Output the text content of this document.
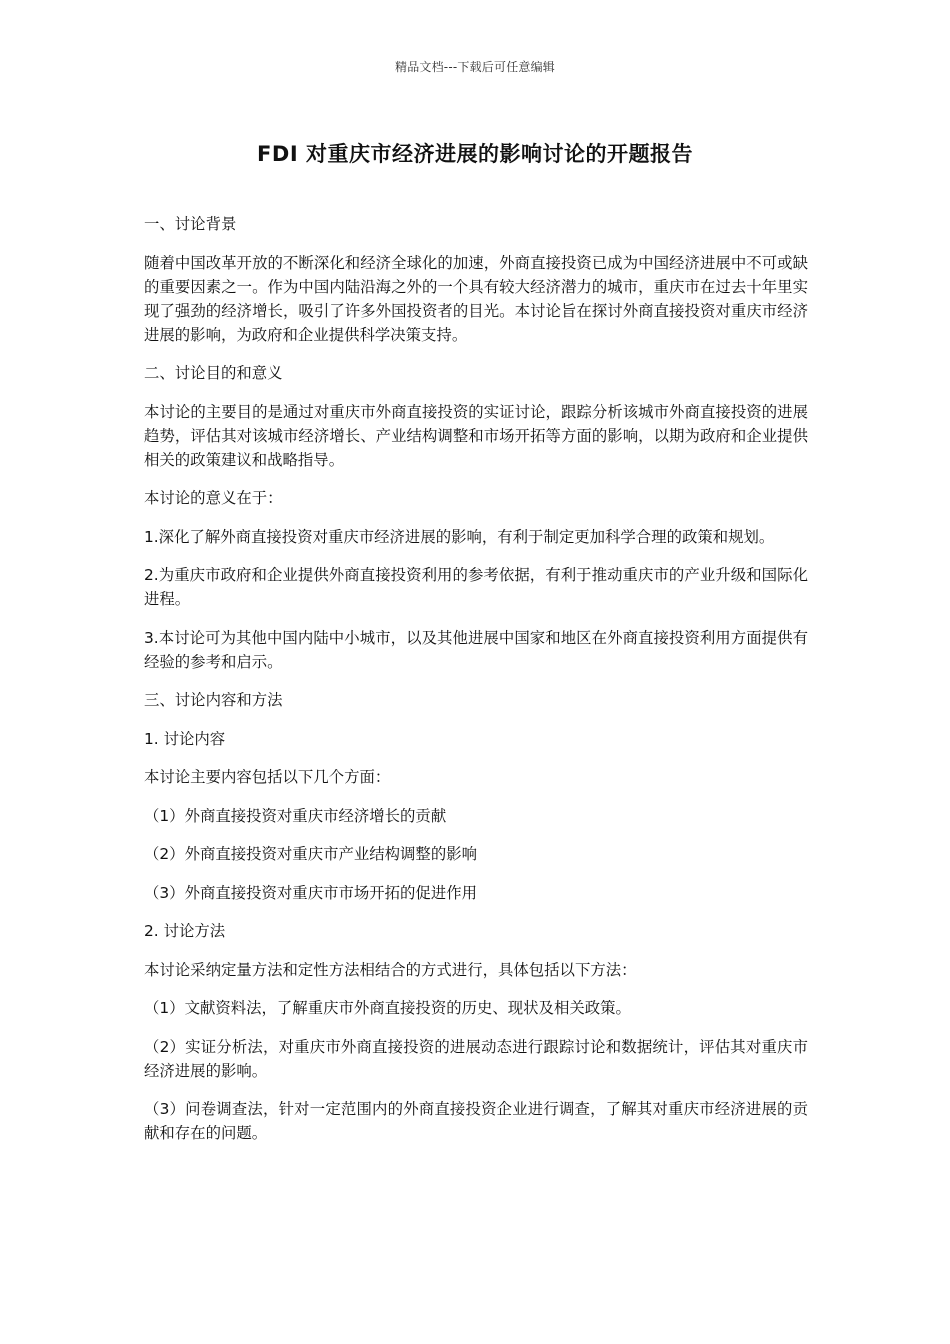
精品文档---下载后可任意编辑
FDI 对重庆市经济进展的影响讨论的开题报告

一、讨论背景

随着中国改革开放的不断深化和经济全球化的加速，外商直接投资已成为中国经济进展中不可或缺的重要因素之一。作为中国内陆沿海之外的一个具有较大经济潜力的城市，重庆市在过去十年里实现了强劲的经济增长，吸引了许多外国投资者的目光。本讨论旨在探讨外商直接投资对重庆市经济进展的影响，为政府和企业提供科学决策支持。

二、讨论目的和意义

本讨论的主要目的是通过对重庆市外商直接投资的实证讨论，跟踪分析该城市外商直接投资的进展趋势，评估其对该城市经济增长、产业结构调整和市场开拓等方面的影响，以期为政府和企业提供相关的政策建议和战略指导。

本讨论的意义在于：

1.深化了解外商直接投资对重庆市经济进展的影响，有利于制定更加科学合理的政策和规划。

2.为重庆市政府和企业提供外商直接投资利用的参考依据，有利于推动重庆市的产业升级和国际化进程。

3.本讨论可为其他中国内陆中小城市，以及其他进展中国家和地区在外商直接投资利用方面提供有经验的参考和启示。

三、讨论内容和方法

1. 讨论内容

本讨论主要内容包括以下几个方面：

（1）外商直接投资对重庆市经济增长的贡献

（2）外商直接投资对重庆市产业结构调整的影响

（3）外商直接投资对重庆市市场开拓的促进作用

2. 讨论方法

本讨论采纳定量方法和定性方法相结合的方式进行，具体包括以下方法：

（1）文献资料法，了解重庆市外商直接投资的历史、现状及相关政策。

（2）实证分析法，对重庆市外商直接投资的进展动态进行跟踪讨论和数据统计，评估其对重庆市经济进展的影响。

（3）问卷调查法，针对一定范围内的外商直接投资企业进行调查，了解其对重庆市经济进展的贡献和存在的问题。
